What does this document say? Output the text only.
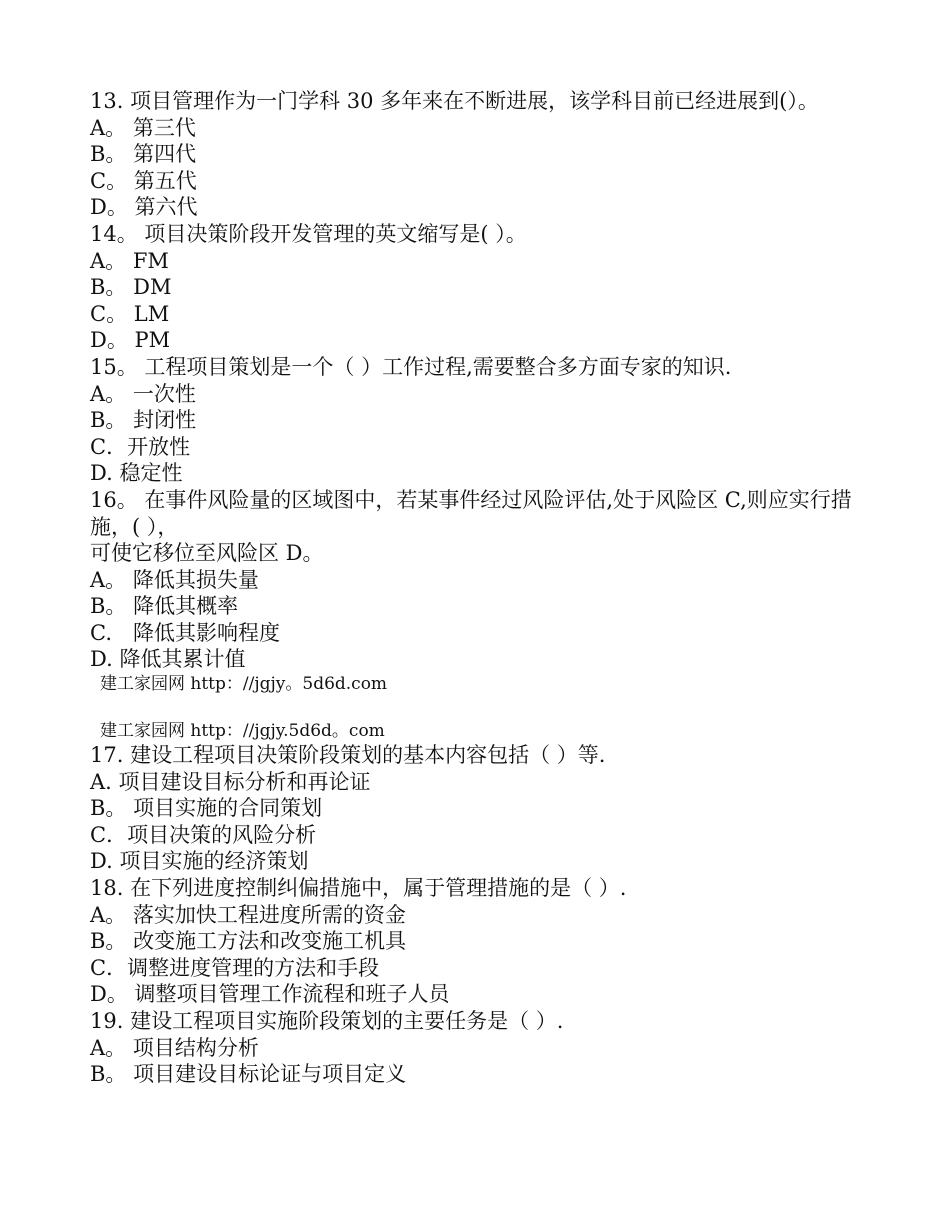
13. 项目管理作为一门学科 30 多年来在不断进展，该学科目前已经进展到(）。
A。 第三代
B。 第四代
C。 第五代
D。 第六代
14。 项目决策阶段开发管理的英文缩写是( ）。
A。 FM
B。 DM
C。 LM
D。 PM
15。 工程项目策划是一个（ ）工作过程,需要整合多方面专家的知识.
A。 一次性
B。 封闭性
C．开放性
D. 稳定性
16。 在事件风险量的区域图中，若某事件经过风险评估,处于风险区 C,则应实行措施，( ），
可使它移位至风险区 D。
A。 降低其损失量
B。 降低其概率
C.　降低其影响程度
D. 降低其累计值
建工家园网 http：//jgjy。5d6d.com
建工家园网 http：//jgjy.5d6d。com
17. 建设工程项目决策阶段策划的基本内容包括（ ）等.
A. 项目建设目标分析和再论证
B。 项目实施的合同策划
C．项目决策的风险分析
D. 项目实施的经济策划
18. 在下列进度控制纠偏措施中，属于管理措施的是（ ）.
A。 落实加快工程进度所需的资金
B。 改变施工方法和改变施工机具
C．调整进度管理的方法和手段
D。 调整项目管理工作流程和班子人员
19. 建设工程项目实施阶段策划的主要任务是（ ）.
A。 项目结构分析
B。 项目建设目标论证与项目定义
